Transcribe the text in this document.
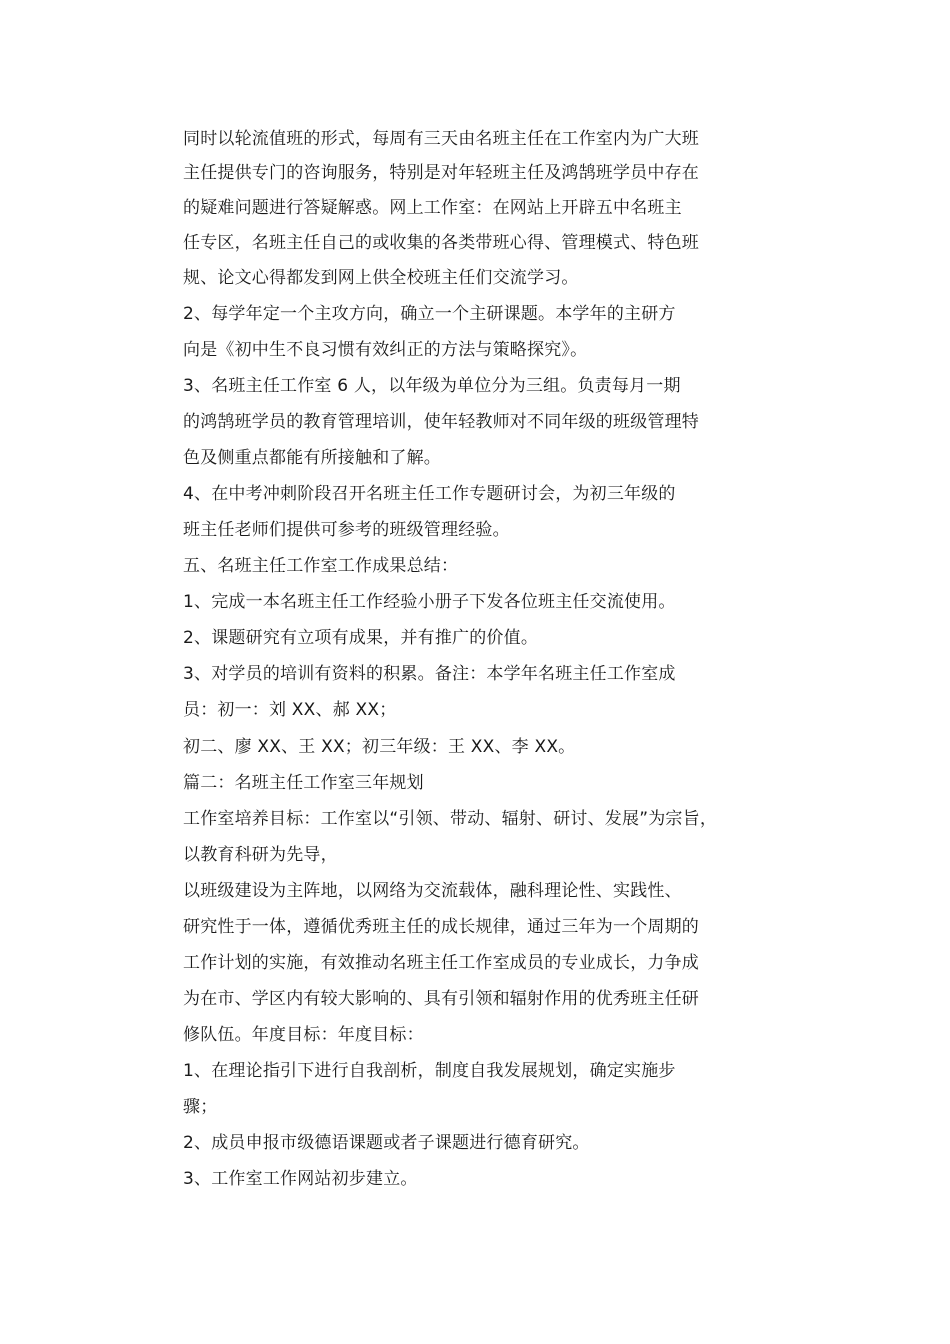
同时以轮流值班的形式，每周有三天由名班主任在工作室内为广大班
主任提供专门的咨询服务，特别是对年轻班主任及鸿鹄班学员中存在
的疑难问题进行答疑解惑。网上工作室：在网站上开辟五中名班主
任专区，名班主任自己的或收集的各类带班心得、管理模式、特色班
规、论文心得都发到网上供全校班主任们交流学习。
2、每学年定一个主攻方向，确立一个主研课题。本学年的主研方
向是《初中生不良习惯有效纠正的方法与策略探究》。
3、名班主任工作室 6 人，以年级为单位分为三组。负责每月一期
的鸿鹄班学员的教育管理培训，使年轻教师对不同年级的班级管理特
色及侧重点都能有所接触和了解。
4、在中考冲刺阶段召开名班主任工作专题研讨会，为初三年级的
班主任老师们提供可参考的班级管理经验。
五、名班主任工作室工作成果总结：
1、完成一本名班主任工作经验小册子下发各位班主任交流使用。
2、课题研究有立项有成果，并有推广的价值。
3、对学员的培训有资料的积累。备注：本学年名班主任工作室成
员：初一：刘 XX、郝 XX；
初二、廖 XX、王 XX；初三年级：王 XX、李 XX。
篇二：名班主任工作室三年规划
工作室培养目标：工作室以“引领、带动、辐射、研讨、发展”为宗旨，
以教育科研为先导，
以班级建设为主阵地，以网络为交流载体，融科理论性、实践性、
研究性于一体，遵循优秀班主任的成长规律，通过三年为一个周期的
工作计划的实施，有效推动名班主任工作室成员的专业成长，力争成
为在市、学区内有较大影响的、具有引领和辐射作用的优秀班主任研
修队伍。年度目标：年度目标：
1、在理论指引下进行自我剖析，制度自我发展规划，确定实施步
骤；
2、成员申报市级德语课题或者子课题进行德育研究。
3、工作室工作网站初步建立。
